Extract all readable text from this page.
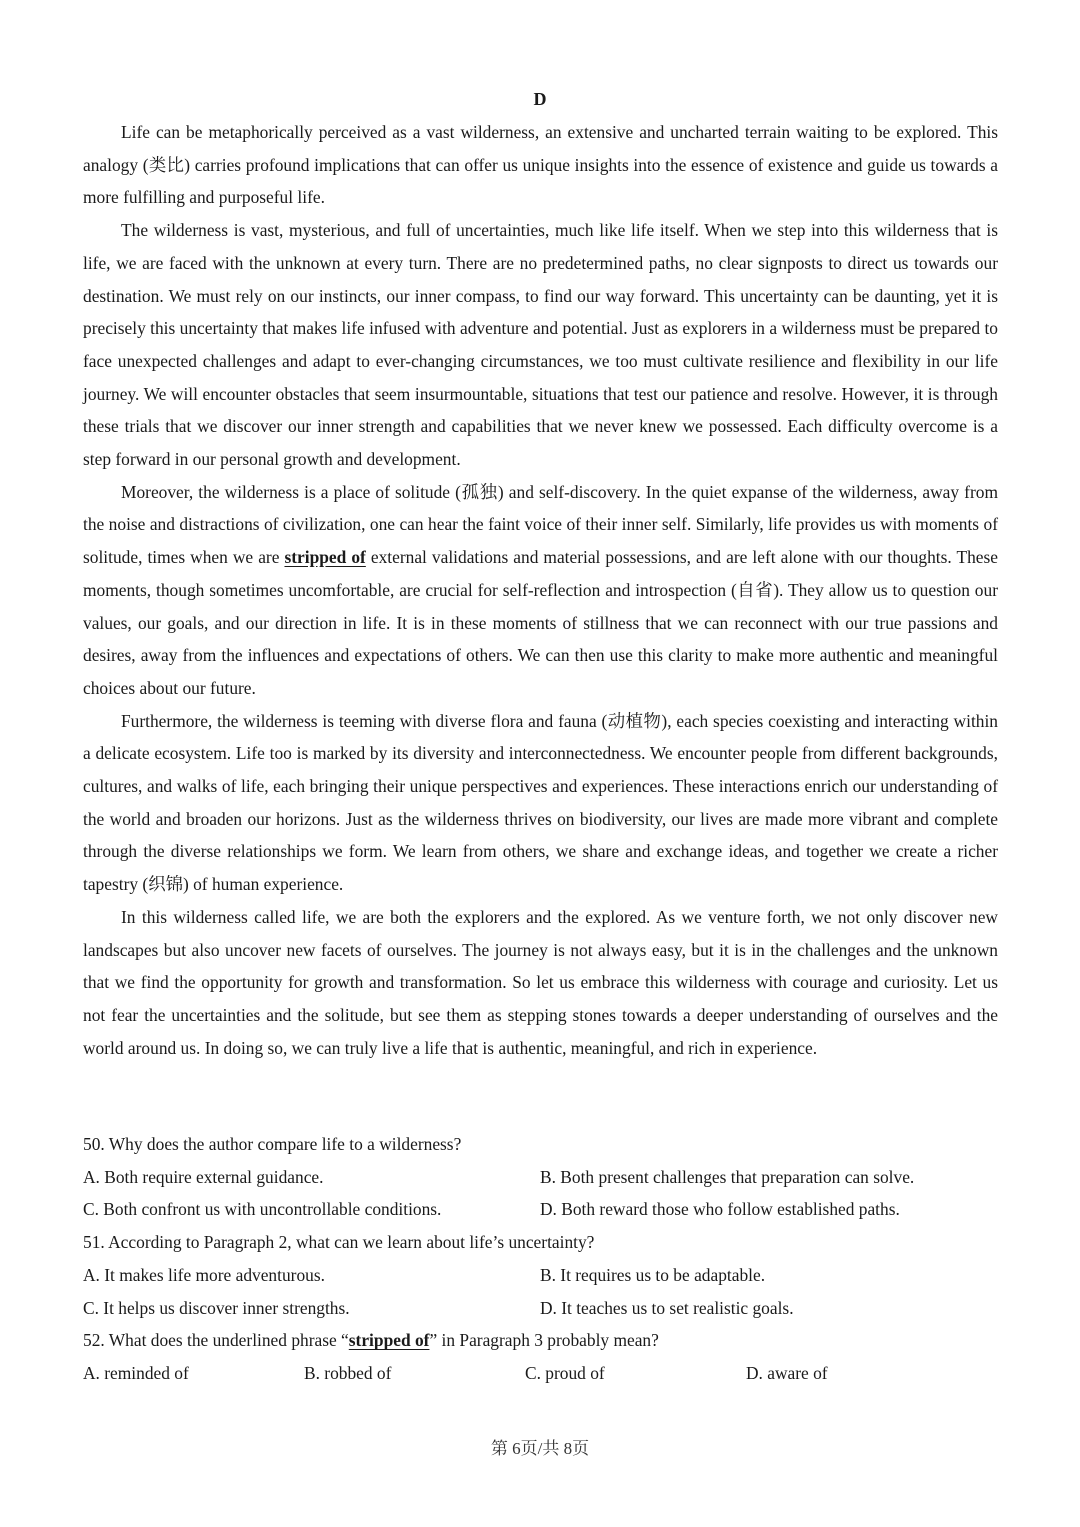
D

Life can be metaphorically perceived as a vast wilderness, an extensive and uncharted terrain waiting to be explored. This analogy (类比) carries profound implications that can offer us unique insights into the essence of existence and guide us towards a more fulfilling and purposeful life.

The wilderness is vast, mysterious, and full of uncertainties, much like life itself. When we step into this wilderness that is life, we are faced with the unknown at every turn. There are no predetermined paths, no clear signposts to direct us towards our destination. We must rely on our instincts, our inner compass, to find our way forward. This uncertainty can be daunting, yet it is precisely this uncertainty that makes life infused with adventure and potential. Just as explorers in a wilderness must be prepared to face unexpected challenges and adapt to ever-changing circumstances, we too must cultivate resilience and flexibility in our life journey. We will encounter obstacles that seem insurmountable, situations that test our patience and resolve. However, it is through these trials that we discover our inner strength and capabilities that we never knew we possessed. Each difficulty overcome is a step forward in our personal growth and development.

Moreover, the wilderness is a place of solitude (孤独) and self-discovery. In the quiet expanse of the wilderness, away from the noise and distractions of civilization, one can hear the faint voice of their inner self. Similarly, life provides us with moments of solitude, times when we are stripped of external validations and material possessions, and are left alone with our thoughts. These moments, though sometimes uncomfortable, are crucial for self-reflection and introspection (自省). They allow us to question our values, our goals, and our direction in life. It is in these moments of stillness that we can reconnect with our true passions and desires, away from the influences and expectations of others. We can then use this clarity to make more authentic and meaningful choices about our future.

Furthermore, the wilderness is teeming with diverse flora and fauna (动植物), each species coexisting and interacting within a delicate ecosystem. Life too is marked by its diversity and interconnectedness. We encounter people from different backgrounds, cultures, and walks of life, each bringing their unique perspectives and experiences. These interactions enrich our understanding of the world and broaden our horizons. Just as the wilderness thrives on biodiversity, our lives are made more vibrant and complete through the diverse relationships we form. We learn from others, we share and exchange ideas, and together we create a richer tapestry (织锦) of human experience.

In this wilderness called life, we are both the explorers and the explored. As we venture forth, we not only discover new landscapes but also uncover new facets of ourselves. The journey is not always easy, but it is in the challenges and the unknown that we find the opportunity for growth and transformation. So let us embrace this wilderness with courage and curiosity. Let us not fear the uncertainties and the solitude, but see them as stepping stones towards a deeper understanding of ourselves and the world around us. In doing so, we can truly live a life that is authentic, meaningful, and rich in experience.

50. Why does the author compare life to a wilderness?

A. Both require external guidance.	B. Both present challenges that preparation can solve.
C. Both confront us with uncontrollable conditions.	D. Both reward those who follow established paths.

51. According to Paragraph 2, what can we learn about life’s uncertainty?

A. It makes life more adventurous.	B. It requires us to be adaptable.
C. It helps us discover inner strengths.	D. It teaches us to set realistic goals.

52. What does the underlined phrase “stripped of” in Paragraph 3 probably mean?

A. reminded of	B. robbed of	C. proud of	D. aware of
第 6页/共 8页
